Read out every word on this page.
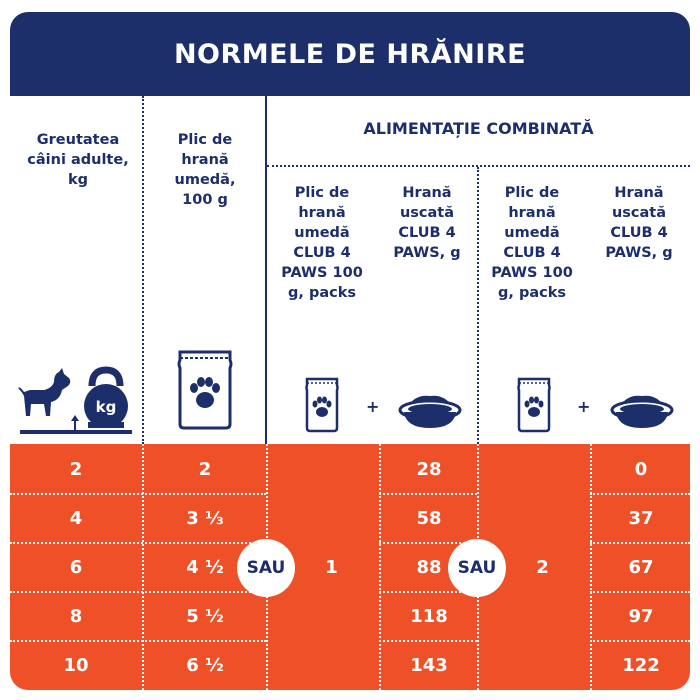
NORMELE DE HRĂNIRE
Greutatea câini adulte, kg
Plic de hrană umedă, 100 g
ALIMENTAȚIE COMBINATĂ
Plic de hrană umedă CLUB 4 PAWS 100 g, packs
Hrană uscată CLUB 4 PAWS, g
Plic de hrană umedă CLUB 4 PAWS 100 g, packs
Hrană uscată CLUB 4 PAWS, g
kg	+	+
2	2	28	0
4	3 ⅓	58	37
6	4 ½	88	67
8	5 ½	118	97
10	6 ½	143	122
1	2
SAU	SAU
